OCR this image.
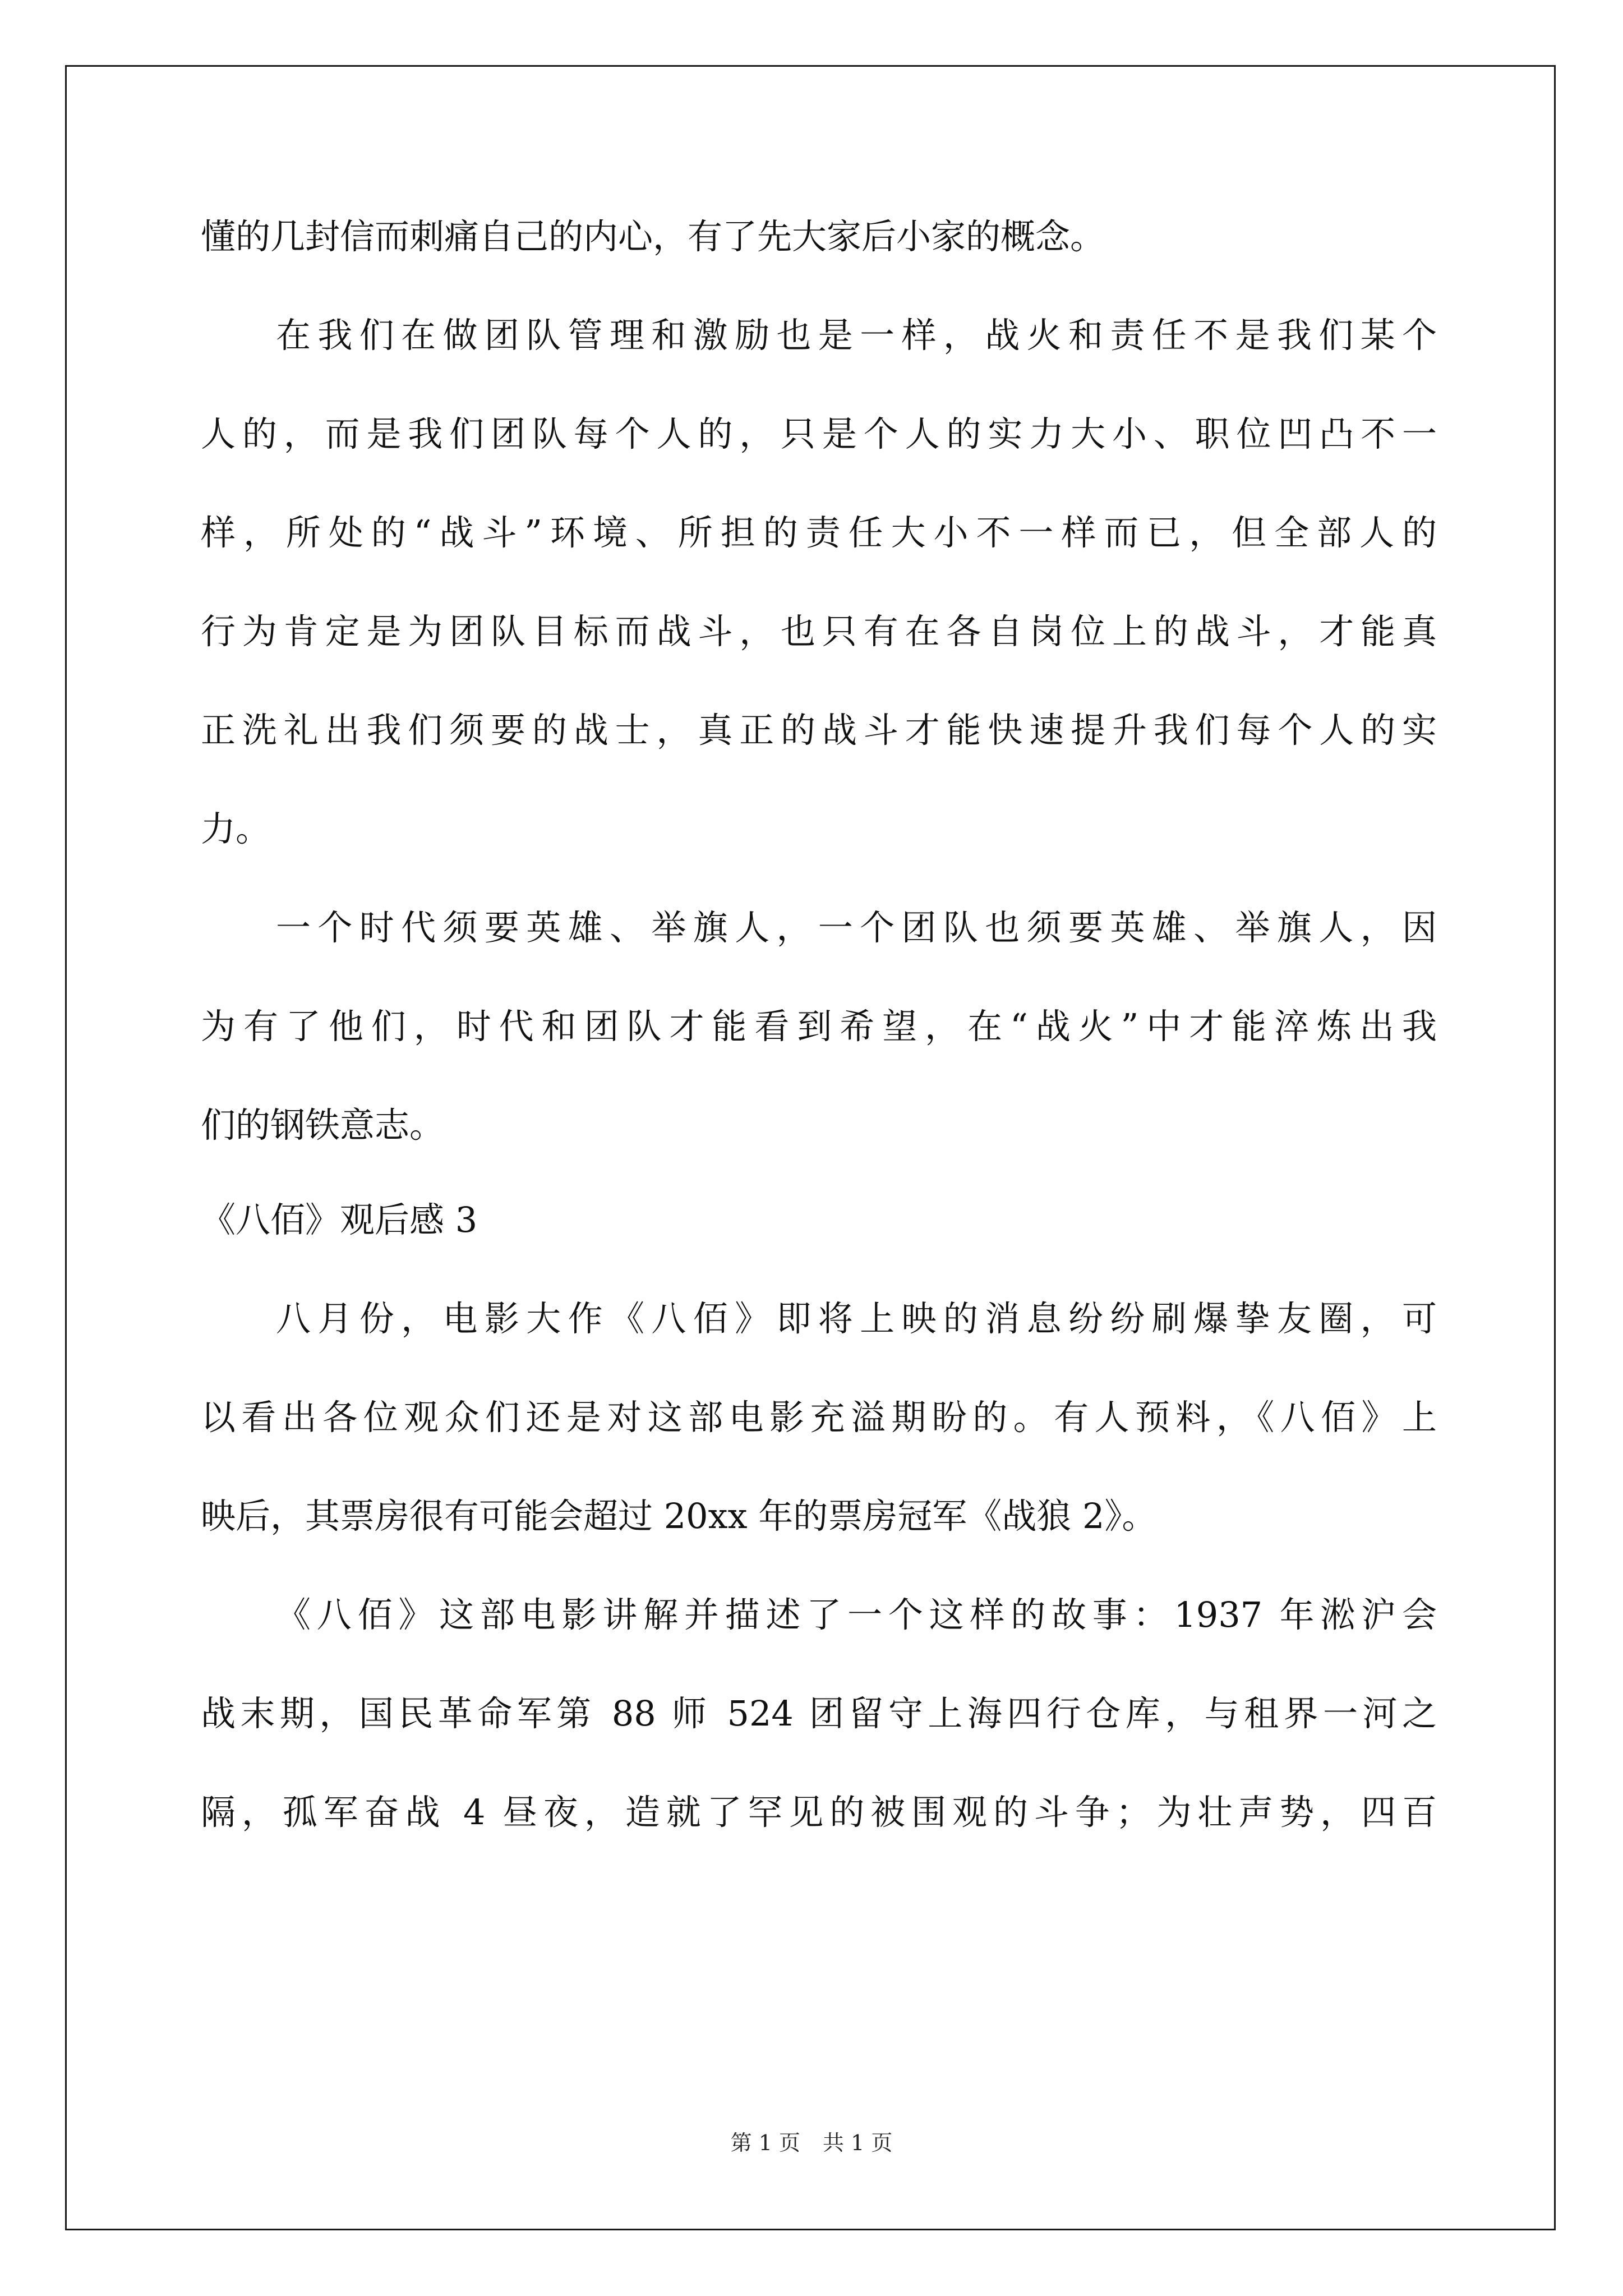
懂的几封信而刺痛自己的内心，有了先大家后小家的概念。
在我们在做团队管理和激励也是一样，战火和责任不是我们某个
人的，而是我们团队每个人的，只是个人的实力大小、职位凹凸不一
样，所处的“战斗”环境、所担的责任大小不一样而已，但全部人的
行为肯定是为团队目标而战斗，也只有在各自岗位上的战斗，才能真
正洗礼出我们须要的战士，真正的战斗才能快速提升我们每个人的实
力。
一个时代须要英雄、举旗人，一个团队也须要英雄、举旗人，因
为有了他们，时代和团队才能看到希望，在“战火”中才能淬炼出我
们的钢铁意志。
《八佰》观后感 3
八月份，电影大作《八佰》即将上映的消息纷纷刷爆挚友圈，可
以看出各位观众们还是对这部电影充溢期盼的。有人预料，《八佰》上
映后，其票房很有可能会超过 20xx 年的票房冠军《战狼 2》。
《八佰》这部电影讲解并描述了一个这样的故事：1937 年淞沪会
战末期，国民革命军第 88 师 524 团留守上海四行仓库，与租界一河之
隔，孤军奋战 4 昼夜，造就了罕见的被围观的斗争；为壮声势，四百
第 1 页 共 1 页
